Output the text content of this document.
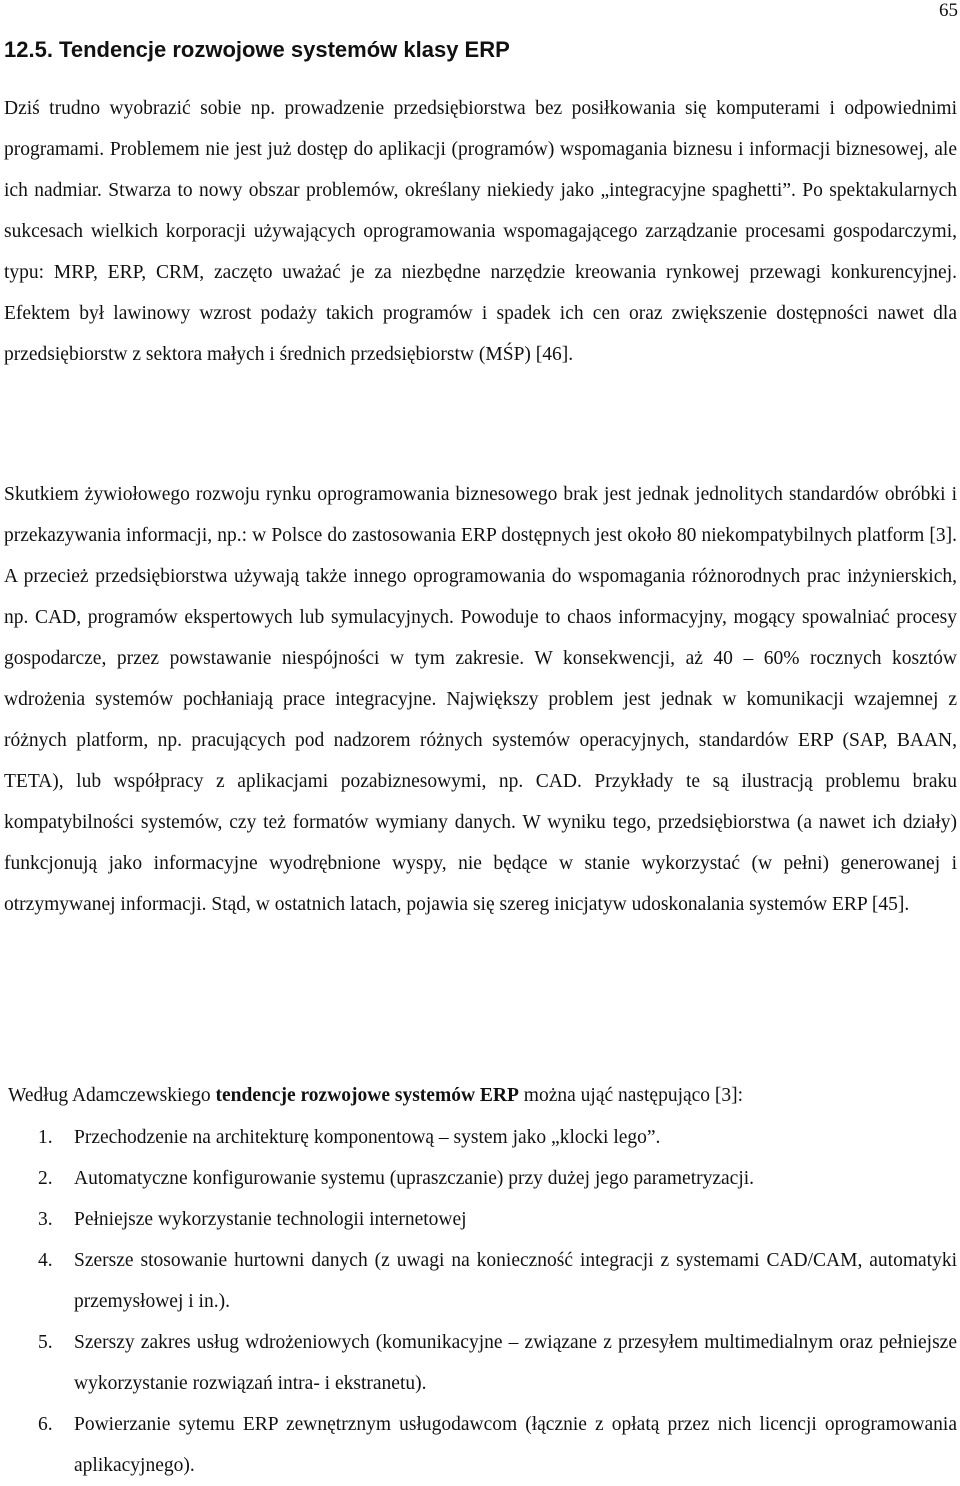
65
12.5. Tendencje rozwojowe systemów klasy ERP

Dziś trudno wyobrazić sobie np. prowadzenie przedsiębiorstwa bez posiłkowania się komputerami i odpowiednimi programami. Problemem nie jest już dostęp do aplikacji (programów) wspomagania biznesu i informacji biznesowej, ale ich nadmiar. Stwarza to nowy obszar problemów, określany niekiedy jako „integracyjne spaghetti”. Po spektakularnych sukcesach wielkich korporacji używających oprogramowania wspomagającego zarządzanie procesami gospodarczymi, typu: MRP, ERP, CRM, zaczęto uważać je za niezbędne narzędzie kreowania rynkowej przewagi konkurencyjnej. Efektem był lawinowy wzrost podaży takich programów i spadek ich cen oraz zwiększenie dostępności nawet dla przedsiębiorstw z sektora małych i średnich przedsiębiorstw (MŚP) [46].

Skutkiem żywiołowego rozwoju rynku oprogramowania biznesowego brak jest jednak jednolitych standardów obróbki i przekazywania informacji, np.: w Polsce do zastosowania ERP dostępnych jest około 80 niekompatybilnych platform [3]. A przecież przedsiębiorstwa używają także innego oprogramowania do wspomagania różnorodnych prac inżynierskich, np. CAD, programów ekspertowych lub symulacyjnych. Powoduje to chaos informacyjny, mogący spowalniać procesy gospodarcze, przez powstawanie niespójności w tym zakresie. W konsekwencji, aż 40 – 60% rocznych kosztów wdrożenia systemów pochłaniają prace integracyjne. Największy problem jest jednak w komunikacji wzajemnej z różnych platform, np. pracujących pod nadzorem różnych systemów operacyjnych, standardów ERP (SAP, BAAN, TETA), lub współpracy z aplikacjami pozabiznesowymi, np. CAD. Przykłady te są ilustracją problemu braku kompatybilności systemów, czy też formatów wymiany danych. W wyniku tego, przedsiębiorstwa (a nawet ich działy) funkcjonują jako informacyjne wyodrębnione wyspy, nie będące w stanie wykorzystać (w pełni) generowanej i otrzymywanej informacji. Stąd, w ostatnich latach, pojawia się szereg inicjatyw udoskonalania systemów ERP [45].

Według Adamczewskiego tendencje rozwojowe systemów ERP można ująć następująco [3]:

1. Przechodzenie na architekturę komponentową – system jako „klocki lego”.
2. Automatyczne konfigurowanie systemu (upraszczanie) przy dużej jego parametryzacji.
3. Pełniejsze wykorzystanie technologii internetowej
4. Szersze stosowanie hurtowni danych (z uwagi na konieczność integracji z systemami CAD/CAM, automatyki przemysłowej i in.).
5. Szerszy zakres usług wdrożeniowych (komunikacyjne – związane z przesyłem multimedialnym oraz pełniejsze wykorzystanie rozwiązań intra- i ekstranetu).
6. Powierzanie sytemu ERP zewnętrznym usługodawcom (łącznie z opłatą przez nich licencji oprogramowania aplikacyjnego).
